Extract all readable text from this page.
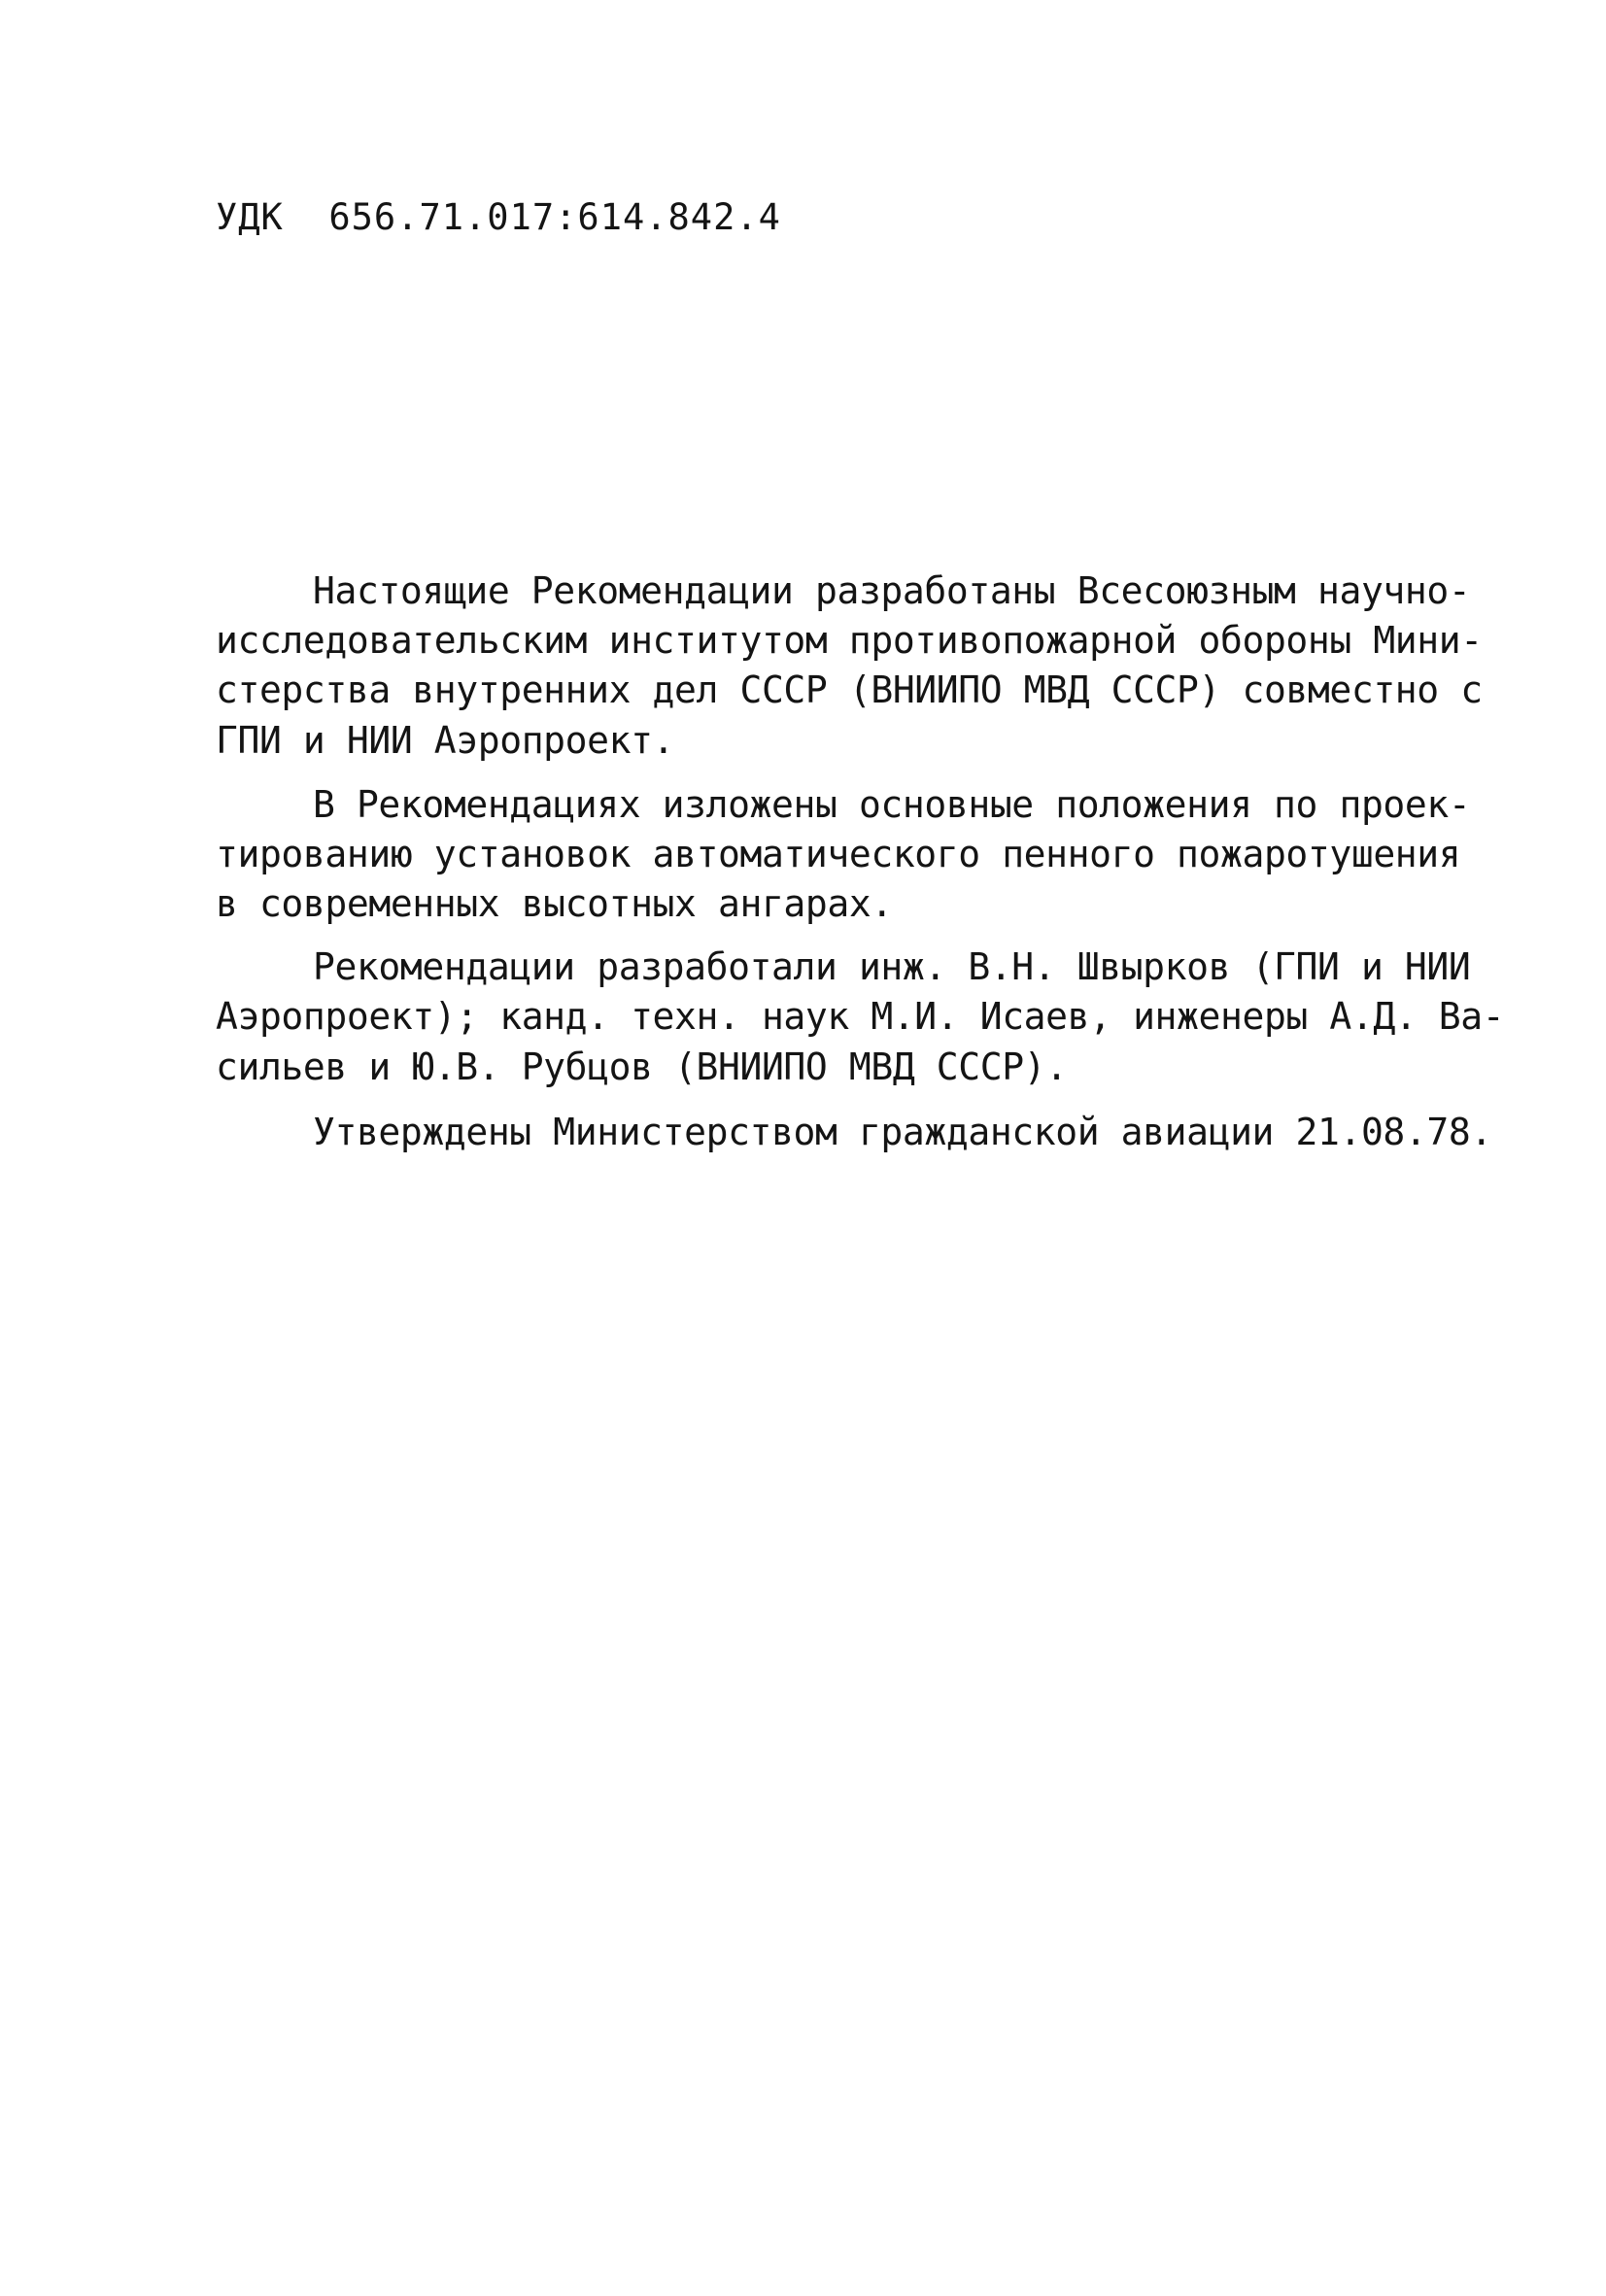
УДК  656.71.017:614.842.4
Настоящие Рекомендации разработаны Всесоюзным научно-
исследовательским институтом противопожарной обороны Мини-
стерства внутренних дел СССР (ВНИИПО МВД СССР) совместно с
ГПИ и НИИ Аэропроект.
В Рекомендациях изложены основные положения по проек-
тированию установок автоматического пенного пожаротушения
в современных высотных ангарах.
Рекомендации разработали инж. В.Н. Швырков (ГПИ и НИИ
Аэропроект); канд. техн. наук М.И. Исаев, инженеры А.Д. Ва-
сильев и Ю.В. Рубцов (ВНИИПО МВД СССР).
Утверждены Министерством гражданской авиации 21.08.78.
